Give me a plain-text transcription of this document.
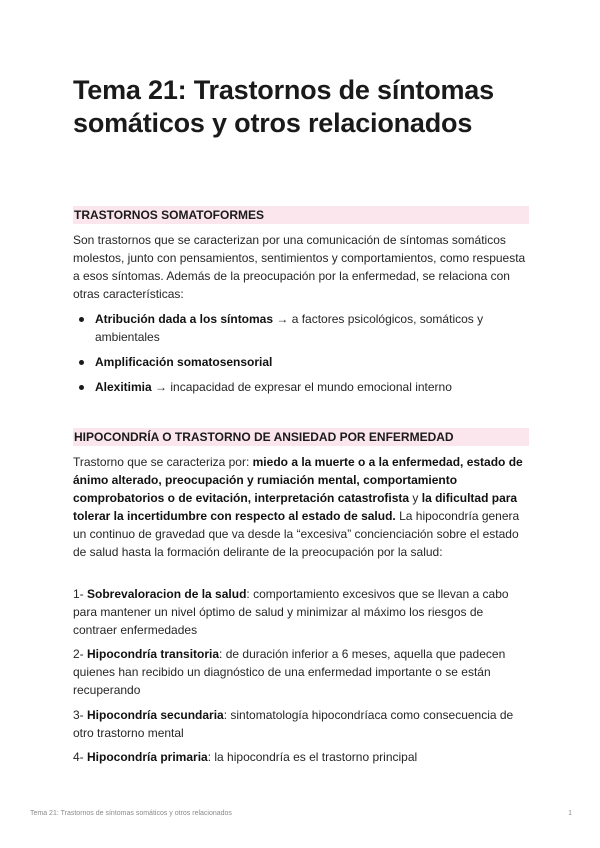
Tema 21: Trastornos de síntomas somáticos y otros relacionados
TRASTORNOS SOMATOFORMES

Son trastornos que se caracterizan por una comunicación de síntomas somáticos molestos, junto con pensamientos, sentimientos y comportamientos, como respuesta a esos síntomas. Además de la preocupación por la enfermedad, se relaciona con otras características:

Atribución dada a los síntomas → a factores psicológicos, somáticos y ambientales
Amplificación somatosensorial
Alexitimia → incapacidad de expresar el mundo emocional interno
HIPOCONDRÍA O TRASTORNO DE ANSIEDAD POR ENFERMEDAD

Trastorno que se caracteriza por: miedo a la muerte o a la enfermedad, estado de ánimo alterado, preocupación y rumiación mental, comportamiento comprobatorios o de evitación, interpretación catastrofista y la dificultad para tolerar la incertidumbre con respecto al estado de salud. La hipocondría genera un continuo de gravedad que va desde la “excesiva” concienciación sobre el estado de salud hasta la formación delirante de la preocupación por la salud:

1- Sobrevaloracion de la salud: comportamiento excesivos que se llevan a cabo para mantener un nivel óptimo de salud y minimizar al máximo los riesgos de contraer enfermedades

2- Hipocondría transitoria: de duración inferior a 6 meses, aquella que padecen quienes han recibido un diagnóstico de una enfermedad importante o se están recuperando

3- Hipocondría secundaria: sintomatología hipocondríaca como consecuencia de otro trastorno mental

4- Hipocondría primaria: la hipocondría es el trastorno principal

Tema 21: Trastornos de síntomas somáticos y otros relacionados	1
